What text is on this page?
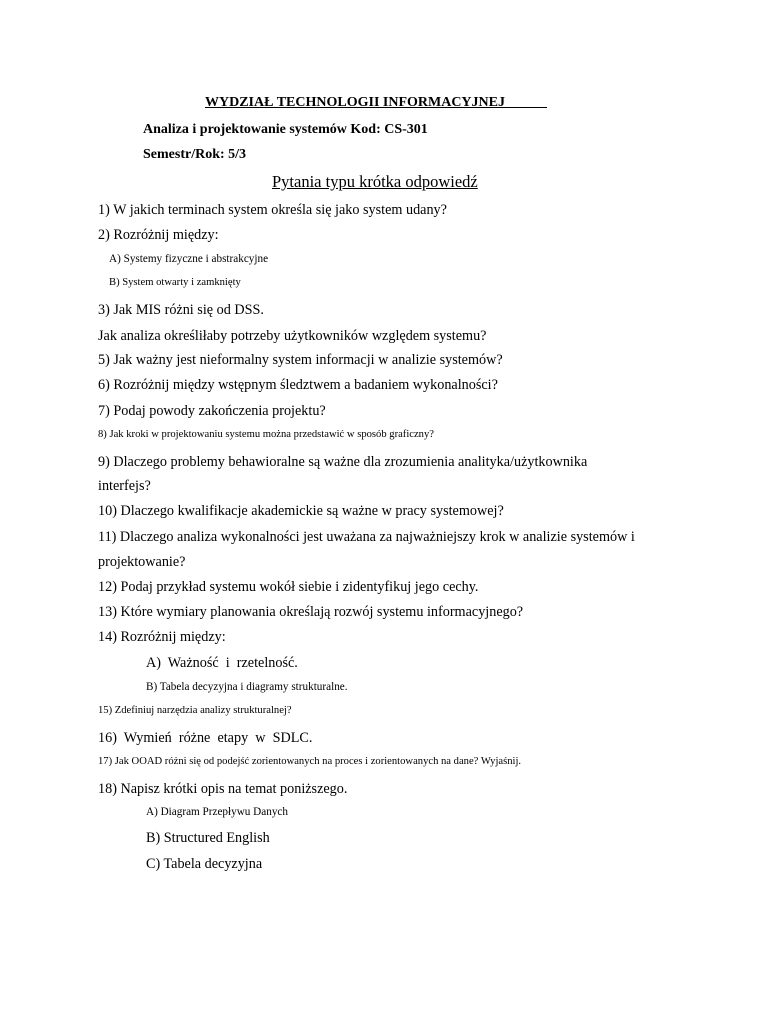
WYDZIAŁ TECHNOLOGII INFORMACYJNEJ
Analiza i projektowanie systemów Kod: CS-301
Semestr/Rok: 5/3
Pytania typu krótka odpowiedź
1) W jakich terminach system określa się jako system udany?
2) Rozróżnij między:
A) Systemy fizyczne i abstrakcyjne
B) System otwarty i zamknięty
3) Jak MIS różni się od DSS.
Jak analiza określiłaby potrzeby użytkowników względem systemu?
5) Jak ważny jest nieformalny system informacji w analizie systemów?
6) Rozróżnij między wstępnym śledztwem a badaniem wykonalności?
7) Podaj powody zakończenia projektu?
8) Jak kroki w projektowaniu systemu można przedstawić w sposób graficzny?
9) Dlaczego problemy behawioralne są ważne dla zrozumienia analityka/użytkownika
interfejs?
10) Dlaczego kwalifikacje akademickie są ważne w pracy systemowej?
11) Dlaczego analiza wykonalności jest uważana za najważniejszy krok w analizie systemów i
projektowanie?
12) Podaj przykład systemu wokół siebie i zidentyfikuj jego cechy.
13) Które wymiary planowania określają rozwój systemu informacyjnego?
14) Rozróżnij między:
A)  Ważność  i  rzetelność.
B) Tabela decyzyjna i diagramy strukturalne.
15) Zdefiniuj narzędzia analizy strukturalnej?
16)  Wymień  różne  etapy  w  SDLC.
17) Jak OOAD różni się od podejść zorientowanych na proces i zorientowanych na dane? Wyjaśnij.
18) Napisz krótki opis na temat poniższego.
A) Diagram Przepływu Danych
B) Structured English
C) Tabela decyzyjna
